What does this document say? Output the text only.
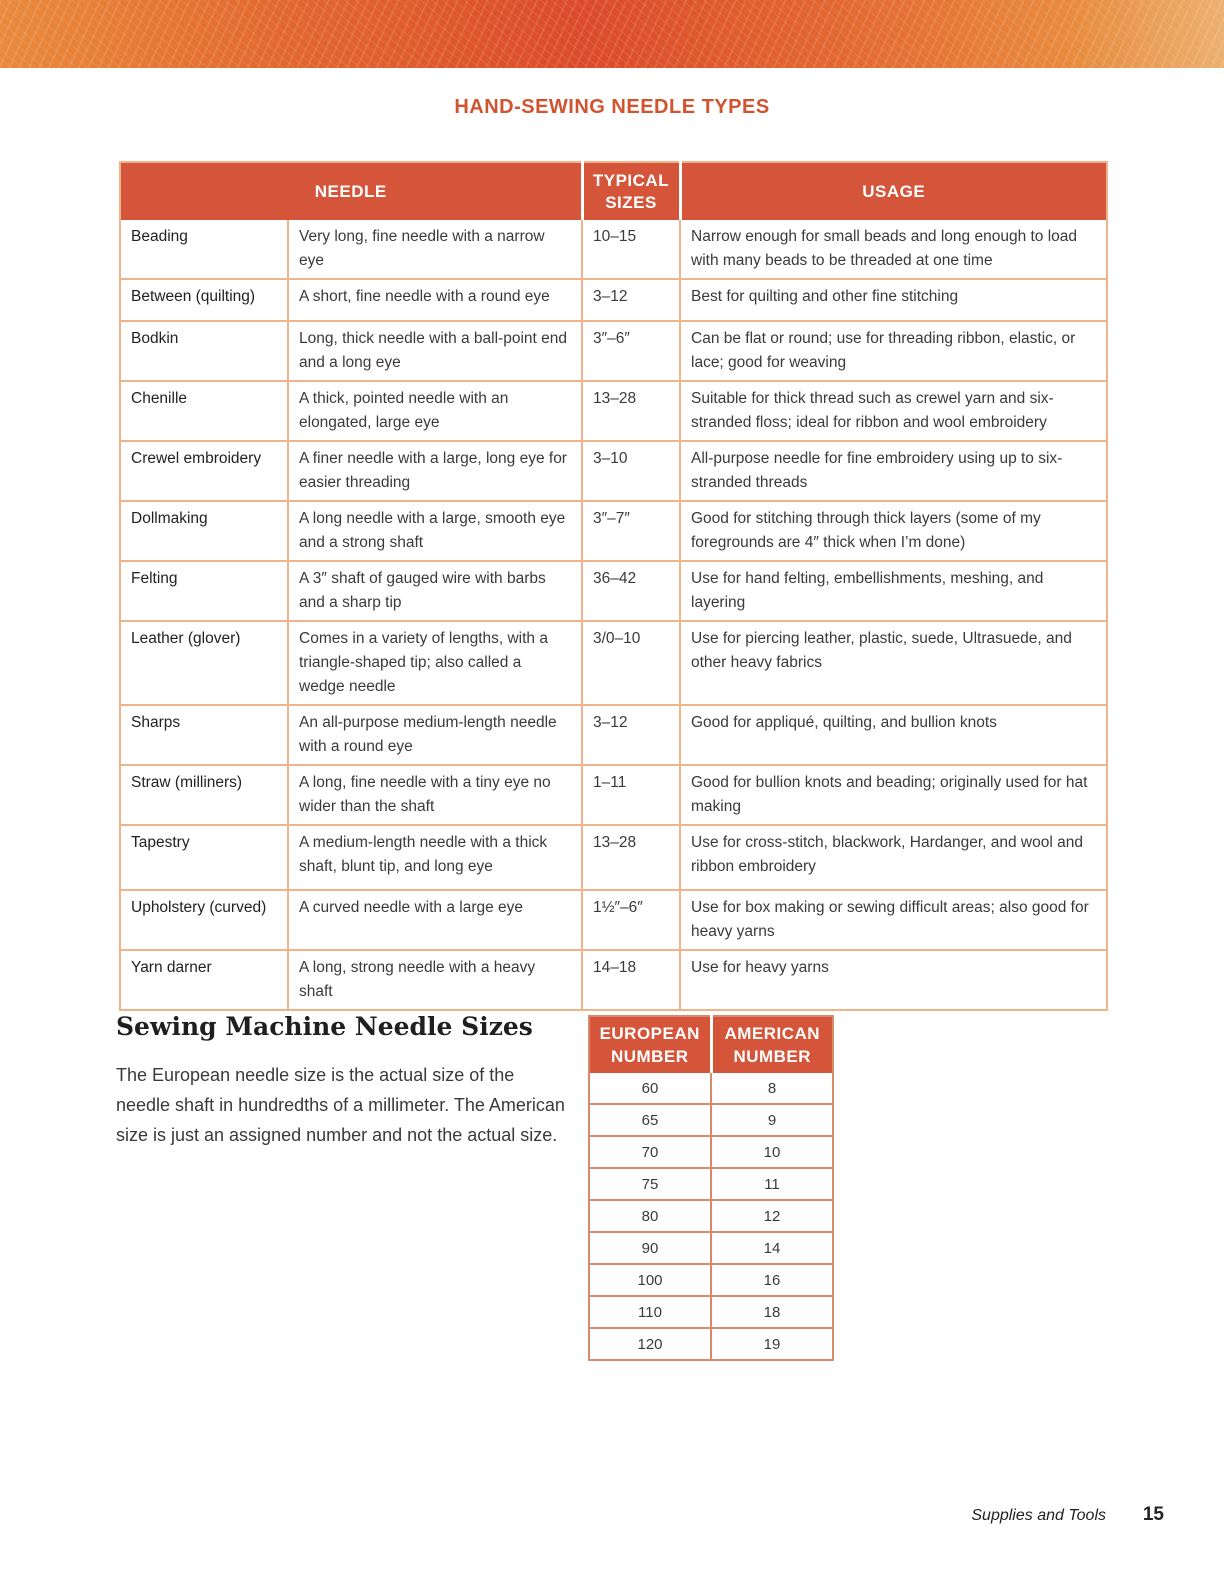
HAND-SEWING NEEDLE TYPES
NEEDLE		TYPICAL SIZES	USAGE
Beading	Very long, fine needle with a narrow eye	10–15	Narrow enough for small beads and long enough to load with many beads to be threaded at one time
Between (quilting)	A short, fine needle with a round eye	3–12	Best for quilting and other fine stitching
Bodkin	Long, thick needle with a ball-point end and a long eye	3″–6″	Can be flat or round; use for threading ribbon, elastic, or lace; good for weaving
Chenille	A thick, pointed needle with an elongated, large eye	13–28	Suitable for thick thread such as crewel yarn and six-stranded floss; ideal for ribbon and wool embroidery
Crewel embroidery	A finer needle with a large, long eye for easier threading	3–10	All-purpose needle for fine embroidery using up to six-stranded threads
Dollmaking	A long needle with a large, smooth eye and a strong shaft	3″–7″	Good for stitching through thick layers (some of my foregrounds are 4″ thick when I’m done)
Felting	A 3″ shaft of gauged wire with barbs and a sharp tip	36–42	Use for hand felting, embellishments, meshing, and layering
Leather (glover)	Comes in a variety of lengths, with a triangle-shaped tip; also called a wedge needle	3/0–10	Use for piercing leather, plastic, suede, Ultrasuede, and other heavy fabrics
Sharps	An all-purpose medium-length needle with a round eye	3–12	Good for appliqué, quilting, and bullion knots
Straw (milliners)	A long, fine needle with a tiny eye no wider than the shaft	1–11	Good for bullion knots and beading; originally used for hat making
Tapestry	A medium-length needle with a thick shaft, blunt tip, and long eye	13–28	Use for cross-stitch, blackwork, Hardanger, and wool and ribbon embroidery
Upholstery (curved)	A curved needle with a large eye	1½″–6″	Use for box making or sewing difficult areas; also good for heavy yarns
Yarn darner	A long, strong needle with a heavy shaft	14–18	Use for heavy yarns
Sewing Machine Needle Sizes
The European needle size is the actual size of the needle shaft in hundredths of a millimeter. The American size is just an assigned number and not the actual size.
EUROPEAN NUMBER	AMERICAN NUMBER
60	8
65	9
70	10
75	11
80	12
90	14
100	16
110	18
120	19
Supplies and Tools 15
